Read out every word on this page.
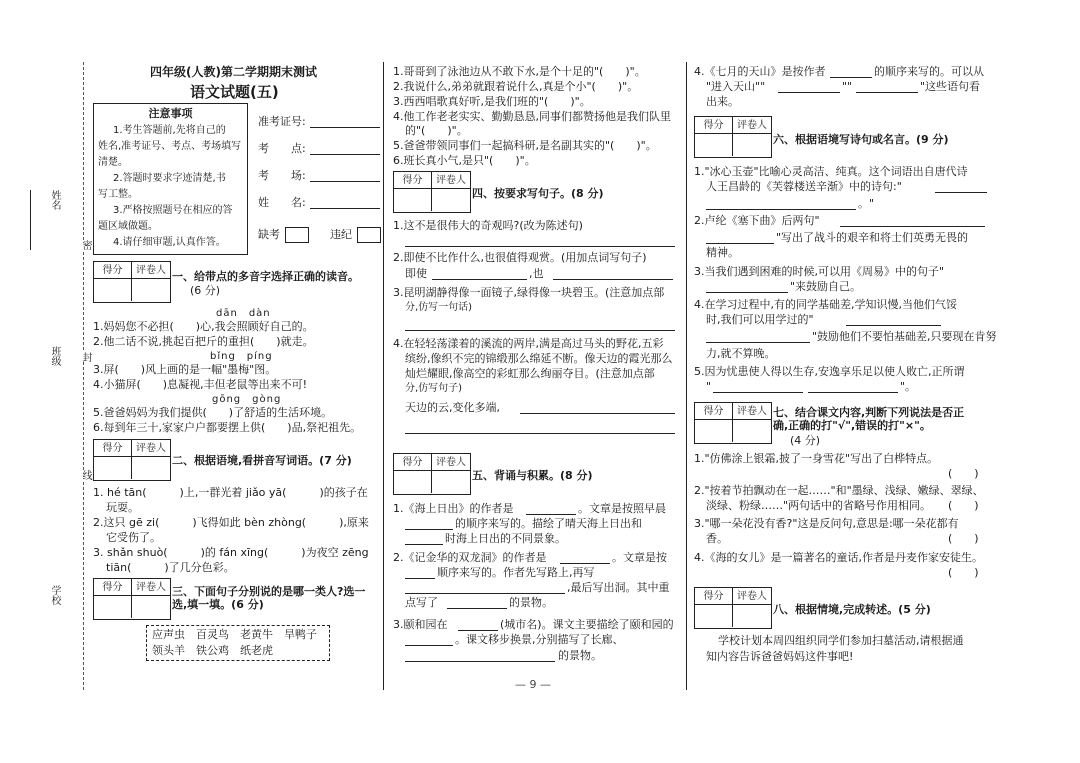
姓名
班级
学校
密
封
线
四年级(人教)第二学期期末测试
语文试题(五)
注意事项
1.考生答题前,先将自己的
姓名,准考证号、考点、考场填写
清楚。
2.答题时要求字迹清楚,书
写工整。
3.严格按照题号在相应的答
题区域做题。
4.请仔细审题,认真作答。
准考证号:
考　　点:
考　　场:
姓　　名:
缺考	违纪
得分	评卷人 一、给带点的多音字选择正确的读音。
(6 分)
dān　dàn
1.妈妈您不必担(　　)心,我会照顾好自己的。
2.他二话不说,挑起百把斤的重担(　　)就走。
bǐng　píng
3.屏(　　)风上画的是一幅"墨梅"图。
4.小猫屏(　　)息凝视,丰但老鼠等出来不可!
gōng　gòng
5.爸爸妈妈为我们提供(　　)了舒适的生活环境。
6.每到年三十,家家户户都要摆上供(　　)品,祭祀祖先。
得分	评卷人
二、根据语境,看拼音写词语。(7 分)
1. hé tān(　　　)上,一群光着 jiǎo yā(　　　)的孩子在
玩耍。
2.这只 gē zi(　　　)飞得如此 bèn zhòng(　　　),原来
它受伤了。
3. shǎn shuò(　　　)的 fán xīng(　　　)为夜空 zēng
tiān(　　　)了几分色彩。
得分	评卷人 三、下面句子分别说的是哪一类人?选一
选,填一填。(6 分)
应声虫　百灵鸟　老黄牛　旱鸭子
领头羊　铁公鸡　纸老虎
1.哥哥到了泳池边从不敢下水,是个十足的"(　　)"。
2.我说什么,弟弟就跟着说什么,真是个小"(　　)"。
3.西西唱歌真好听,是我们班的"(　　)"。
4.他工作老老实实、勤勤恳恳,同事们都赞扬他是我们队里
的"(　　)"。
5.爸爸带领同事们一起搞科研,是名副其实的"(　　)"。
6.班长真小气,是只"(　　)"。
得分	评卷人
四、按要求写句子。(8 分)
1.这不是很伟大的奇观吗?(改为陈述句)
2.即使不比作什么,也很值得观赏。(用加点词写句子)
即使	,也
3.昆明湖静得像一面镜子,绿得像一块碧玉。(注意加点部
分,仿写一句话)
4.在轻轻荡漾着的溪流的两岸,满是高过马头的野花,五彩
缤纷,像织不完的锦缎那么绵延不断。像天边的霞光那么
灿烂耀眼,像高空的彩虹那么绚丽夺目。(注意加点部
分,仿写句子)
天边的云,变化多端,
得分	评卷人
五、背诵与积累。(8 分)
1.《海上日出》的作者是	。文章是按照早晨
的顺序来写的。描绘了晴天海上日出和
时海上日出的不同景象。
2.《记金华的双龙洞》的作者是	。文章是按
顺序来写的。作者先写路上,再写
,最后写出洞。其中重
点写了	的景物。
3.颐和园在	(城市名)。课文主要描绘了颐和园的
。课文移步换景,分别描写了长廊、
的景物。
4.《七月的天山》是按作者	的顺序来写的。可以从
"进入天山""	""	"这些语句看
出来。
得分	评卷人
六、根据语境写诗句或名言。(9 分)
1."冰心玉壶"比喻心灵高洁、纯真。这个词语出自唐代诗
人王昌龄的《芙蓉楼送辛渐》中的诗句:"
。"
2.卢纶《塞下曲》后两句"
"写出了战斗的艰辛和将士们英勇无畏的
精神。
3.当我们遇到困难的时候,可以用《周易》中的句子"
"来鼓励自己。
4.在学习过程中,有的同学基础差,学知识慢,当他们气馁
时,我们可以用学过的"
"鼓励他们不要怕基础差,只要现在肯努
力,就不算晚。
5.因为忧患使人得以生存,安逸享乐足以使人败亡,正所谓
"	"。
得分	评卷人 七、结合课文内容,判断下列说法是否正
确,正确的打"√",错误的打"×"。
(4 分)
1."仿佛涂上银霜,披了一身雪花"写出了白桦特点。
(　　)
2."按着节拍飘动在一起……"和"墨绿、浅绿、嫩绿、翠绿、
淡绿、粉绿……"两句话中的省略号作用相同。 (　　)
3."哪一朵花没有香?"这是反问句,意思是:哪一朵花都有
香。	(　　)
4.《海的女儿》是一篇著名的童话,作者是丹麦作家安徒生。
(　　)
得分	评卷人
八、根据情境,完成转述。(5 分)
学校计划本周四组织同学们参加扫墓活动,请根据通
知内容告诉爸爸妈妈这件事吧!
— 9 —
